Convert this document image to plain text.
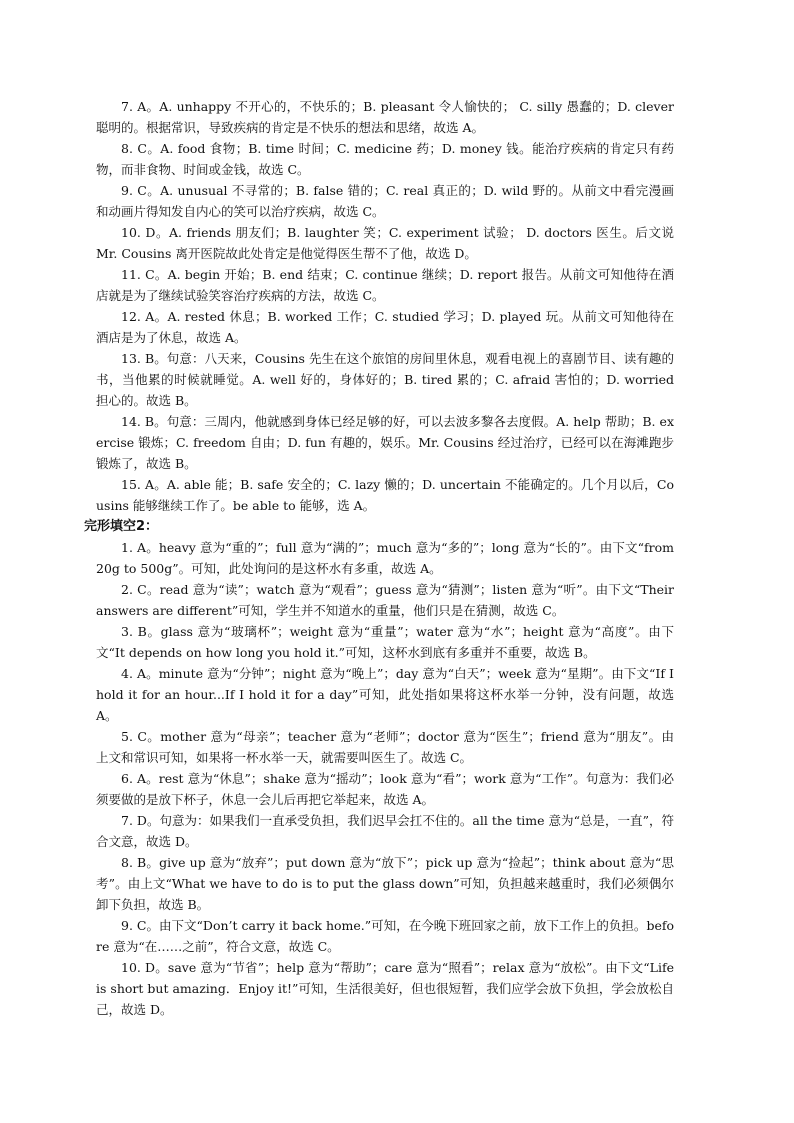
7. A。A. unhappy 不开心的，不快乐的；B. pleasant 令人愉快的； C. silly 愚蠢的；D. clever 聪明的。根据常识，导致疾病的肯定是不快乐的想法和思绪，故选 A。

8. C。A. food 食物；B. time 时间；C. medicine 药；D. money 钱。能治疗疾病的肯定只有药物，而非食物、时间或金钱，故选 C。

9. C。A. unusual 不寻常的；B. false 错的；C. real 真正的；D. wild 野的。从前文中看完漫画和动画片得知发自内心的笑可以治疗疾病，故选 C。

10. D。A. friends 朋友们；B. laughter 笑；C. experiment 试验； D. doctors 医生。后文说 Mr. Cousins 离开医院故此处肯定是他觉得医生帮不了他，故选 D。

11. C。A. begin 开始；B. end 结束；C. continue 继续；D. report 报告。从前文可知他待在酒店就是为了继续试验笑容治疗疾病的方法，故选 C。

12. A。A. rested 休息；B. worked 工作；C. studied 学习；D. played 玩。从前文可知他待在酒店是为了休息，故选 A。

13. B。句意：八天来，Cousins 先生在这个旅馆的房间里休息，观看电视上的喜剧节目、读有趣的书，当他累的时候就睡觉。A. well 好的，身体好的；B. tired 累的；C. afraid 害怕的；D. worried 担心的。故选 B。

14. B。句意：三周内，他就感到身体已经足够的好，可以去波多黎各去度假。A. help 帮助；B. exercise 锻炼；C. freedom 自由；D. fun 有趣的，娱乐。Mr. Cousins 经过治疗，已经可以在海滩跑步锻炼了，故选 B。

15. A。A. able 能；B. safe 安全的；C. lazy 懒的；D. uncertain 不能确定的。几个月以后，Cousins 能够继续工作了。be able to 能够，选 A。

完形填空2：

1. A。heavy 意为“重的”；full 意为“满的”；much 意为“多的”；long 意为“长的”。由下文“from 20g to 500g”。可知，此处询问的是这杯水有多重，故选 A。

2. C。read 意为“读”；watch 意为“观看”；guess 意为“猜测”；listen 意为“听”。由下文“Their answers are different”可知，学生并不知道水的重量，他们只是在猜测，故选 C。

3. B。glass 意为“玻璃杯”；weight 意为“重量”；water 意为“水”；height 意为“高度”。由下文“It depends on how long you hold it.”可知，这杯水到底有多重并不重要，故选 B。

4. A。minute 意为“分钟”；night 意为“晚上”；day 意为“白天”；week 意为“星期”。由下文“If I hold it for an hour...If I hold it for a day”可知，此处指如果将这杯水举一分钟，没有问题，故选 A。

5. C。mother 意为“母亲”；teacher 意为“老师”；doctor 意为“医生”；friend 意为“朋友”。由上文和常识可知，如果将一杯水举一天，就需要叫医生了。故选 C。

6. A。rest 意为“休息”；shake 意为“摇动”；look 意为“看”；work 意为“工作”。句意为：我们必须要做的是放下杯子，休息一会儿后再把它举起来，故选 A。

7. D。句意为：如果我们一直承受负担，我们迟早会扛不住的。all the time 意为“总是，一直”，符合文意，故选 D。

8. B。give up 意为“放弃”；put down 意为“放下”；pick up 意为“捡起”；think about 意为“思考”。由上文“What we have to do is to put the glass down”可知，负担越来越重时，我们必须偶尔卸下负担，故选 B。

9. C。由下文“Don’t carry it back home.”可知，在今晚下班回家之前，放下工作上的负担。before 意为“在……之前”，符合文意，故选 C。

10. D。save 意为“节省”；help 意为“帮助”；care 意为“照看”；relax 意为“放松”。由下文“Life is short but amazing．Enjoy it!”可知，生活很美好，但也很短暂，我们应学会放下负担，学会放松自己，故选 D。
